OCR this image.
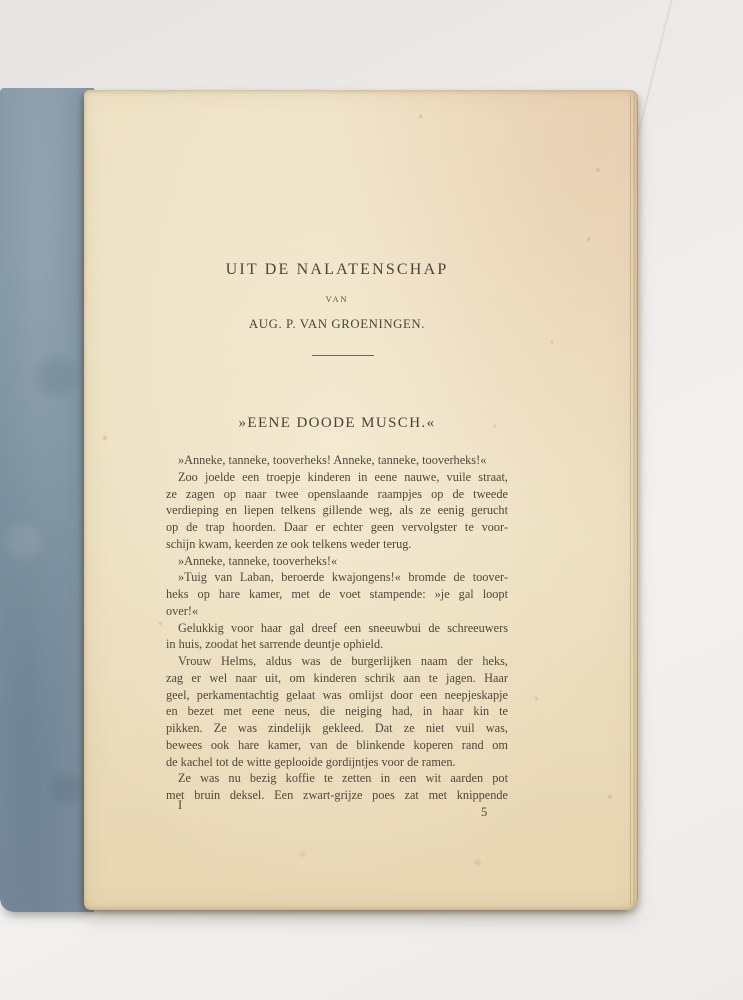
UIT DE NALATENSCHAP
VAN
AUG. P. VAN GROENINGEN.
»EENE DOODE MUSCH.«
»Anneke, tanneke, tooverheks! Anneke, tanneke, tooverheks!«
Zoo joelde een troepje kinderen in eene nauwe, vuile straat,
ze zagen op naar twee openslaande raampjes op de tweede
verdieping en liepen telkens gillende weg, als ze eenig gerucht
op de trap hoorden. Daar er echter geen vervolgster te voor-
schijn kwam, keerden ze ook telkens weder terug.
»Anneke, tanneke, tooverheks!«
»Tuig van Laban, beroerde kwajongens!« bromde de toover-
heks op hare kamer, met de voet stampende: »je gal loopt
over!«
Gelukkig voor haar gal dreef een sneeuwbui de schreeuwers
in huis, zoodat het sarrende deuntje ophield.
Vrouw Helms, aldus was de burgerlijken naam der heks,
zag er wel naar uit, om kinderen schrik aan te jagen. Haar
geel, perkamentachtig gelaat was omlijst door een neepjeskapje
en bezet met eene neus, die neiging had, in haar kin te
pikken. Ze was zindelijk gekleed. Dat ze niet vuil was,
bewees ook hare kamer, van de blinkende koperen rand om
de kachel tot de witte geplooide gordijntjes voor de ramen.
Ze was nu bezig koffie te zetten in een wit aarden pot
met bruin deksel. Een zwart-grijze poes zat met knippende
I	5
